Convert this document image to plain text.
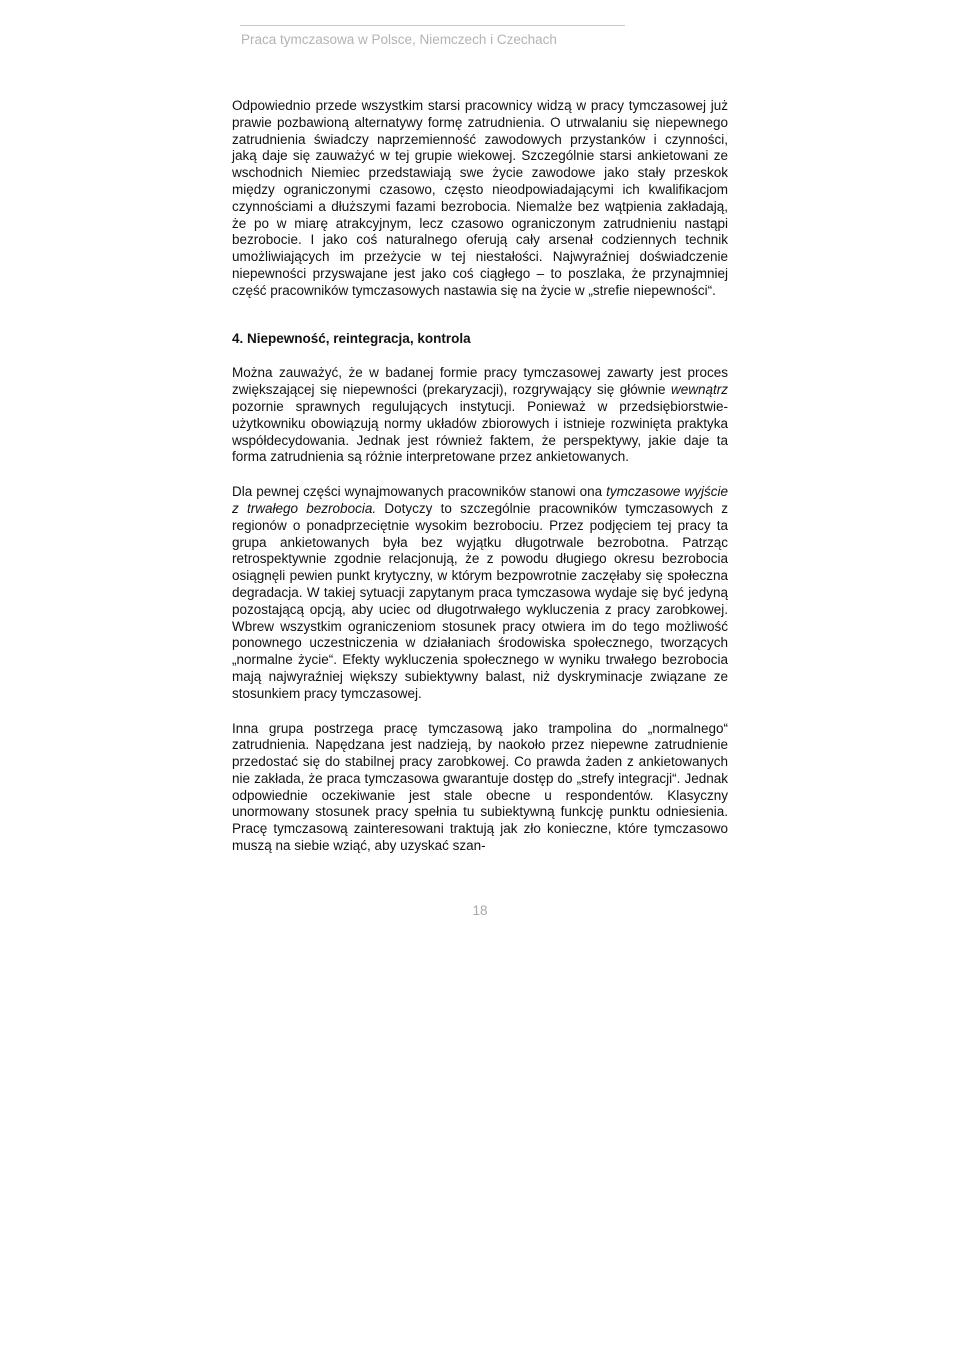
Praca tymczasowa w Polsce, Niemczech i Czechach

Odpowiednio przede wszystkim starsi pracownicy widzą w pracy tymczasowej już prawie pozbawioną alternatywy formę zatrudnienia. O utrwalaniu się niepewnego zatrudnienia świadczy naprzemienność zawodowych przystanków i czynności, jaką daje się zauważyć w tej grupie wiekowej. Szczególnie starsi ankietowani ze wschodnich Niemiec przedstawiają swe życie zawodowe jako stały przeskok między ograniczonymi czasowo, często nieodpowiadającymi ich kwalifikacjom czynnościami a dłuższymi fazami bezrobocia. Niemalże bez wątpienia zakładają, że po w miarę atrakcyjnym, lecz czasowo ograniczonym zatrudnieniu nastąpi bezrobocie. I jako coś naturalnego oferują cały arsenał codziennych technik umożliwiających im przeżycie w tej niestałości. Najwyraźniej doświadczenie niepewności przyswajane jest jako coś ciągłego – to poszlaka, że przynajmniej część pracowników tymczasowych nastawia się na życie w „strefie niepewności“.

4. Niepewność, reintegracja, kontrola

Można zauważyć, że w badanej formie pracy tymczasowej zawarty jest proces zwiększającej się niepewności (prekaryzacji), rozgrywający się głównie wewnątrz pozornie sprawnych regulujących instytucji. Ponieważ w przedsiębiorstwie-użytkowniku obowiązują normy układów zbiorowych i istnieje rozwinięta praktyka współdecydowania. Jednak jest również faktem, że perspektywy, jakie daje ta forma zatrudnienia są różnie interpretowane przez ankietowanych.

Dla pewnej części wynajmowanych pracowników stanowi ona tymczasowe wyjście z trwałego bezrobocia. Dotyczy to szczególnie pracowników tymczasowych z regionów o ponadprzeciętnie wysokim bezrobociu. Przez podjęciem tej pracy ta grupa ankietowanych była bez wyjątku długotrwale bezrobotna. Patrząc retrospektywnie zgodnie relacjonują, że z powodu długiego okresu bezrobocia osiągnęli pewien punkt krytyczny, w którym bezpowrotnie zaczęłaby się społeczna degradacja. W takiej sytuacji zapytanym praca tymczasowa wydaje się być jedyną pozostającą opcją, aby uciec od długotrwałego wykluczenia z pracy zarobkowej. Wbrew wszystkim ograniczeniom stosunek pracy otwiera im do tego możliwość ponownego uczestniczenia w działaniach środowiska społecznego, tworzących „normalne życie“. Efekty wykluczenia społecznego w wyniku trwałego bezrobocia mają najwyraźniej większy subiektywny balast, niż dyskryminacje związane ze stosunkiem pracy tymczasowej.

Inna grupa postrzega pracę tymczasową jako trampolina do „normalnego“ zatrudnienia. Napędzana jest nadzieją, by naokoło przez niepewne zatrudnienie przedostać się do stabilnej pracy zarobkowej. Co prawda żaden z ankietowanych nie zakłada, że praca tymczasowa gwarantuje dostęp do „strefy integracji“. Jednak odpowiednie oczekiwanie jest stale obecne u respondentów. Klasyczny unormowany stosunek pracy spełnia tu subiektywną funkcję punktu odniesienia. Pracę tymczasową zainteresowani traktują jak zło konieczne, które tymczasowo muszą na siebie wziąć, aby uzyskać szan-

18
